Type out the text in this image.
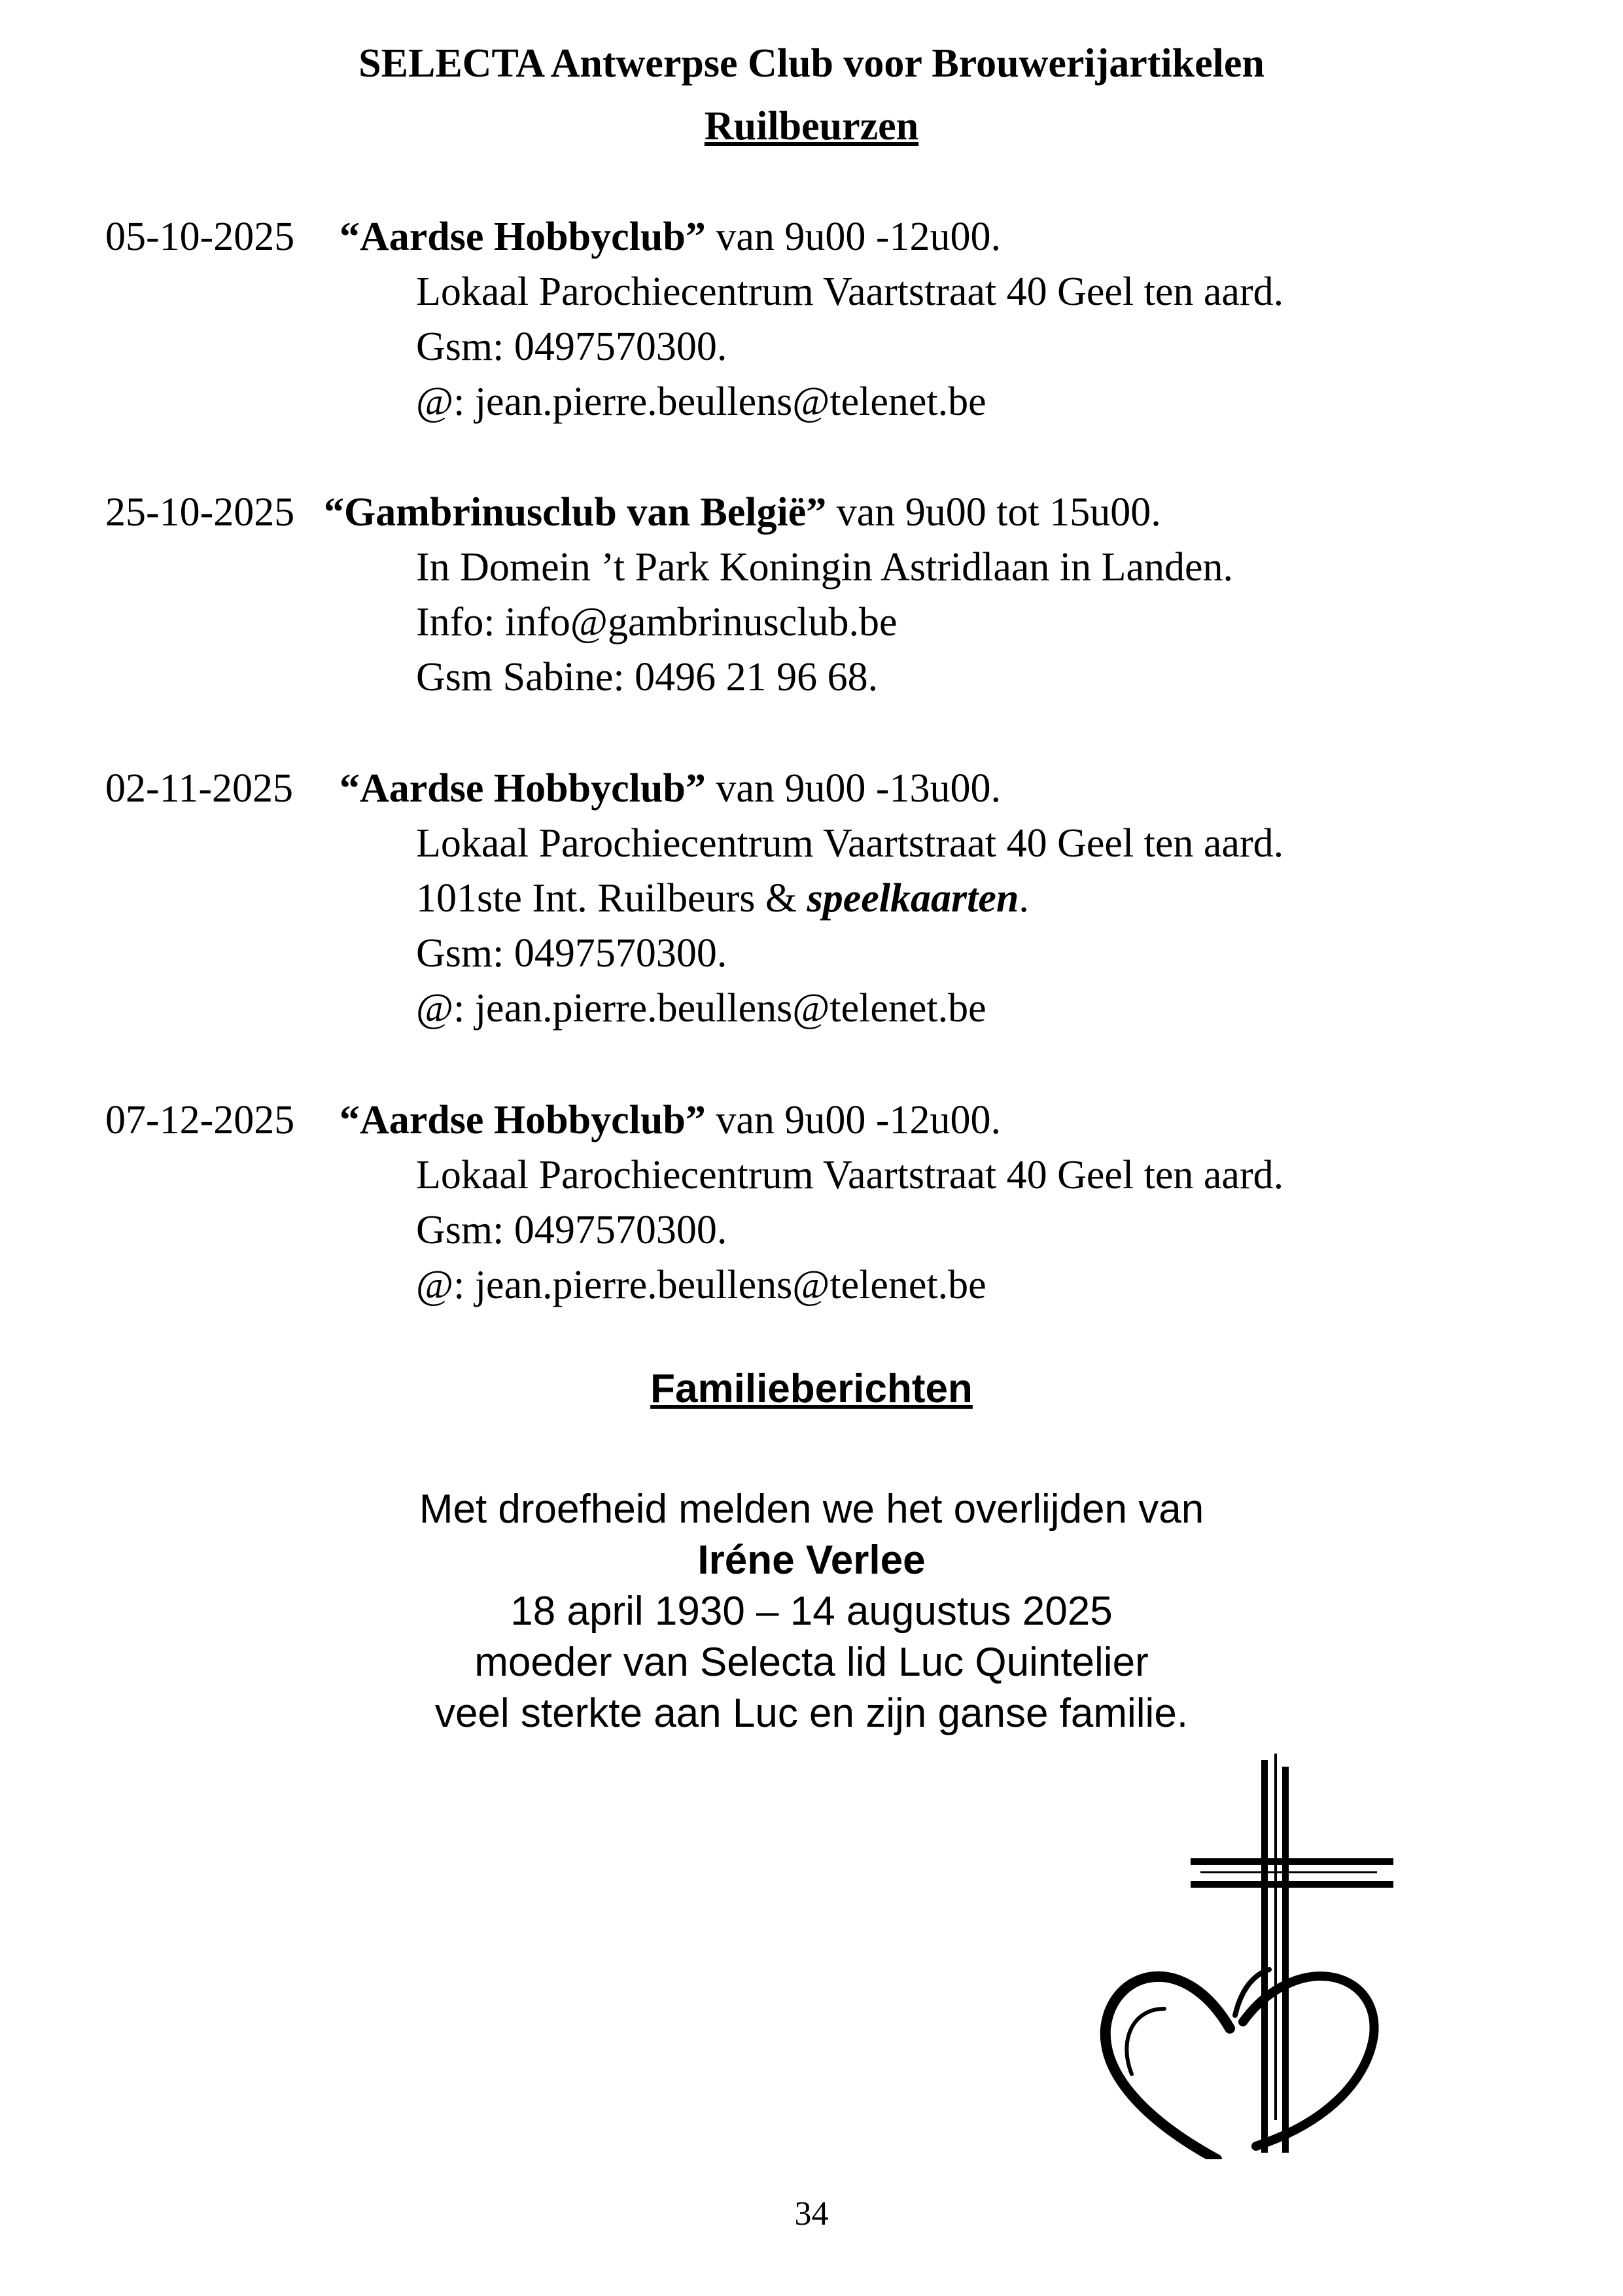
SELECTA Antwerpse Club voor Brouwerijartikelen
Ruilbeurzen
05-10-2025 “Aardse Hobbyclub” van 9u00 -12u00.
Lokaal Parochiecentrum Vaartstraat 40 Geel ten aard.
Gsm: 0497570300.
@: jean.pierre.beullens@telenet.be
25-10-2025 “Gambrinusclub van België” van 9u00 tot 15u00.
In Domein ’t Park Koningin Astridlaan in Landen.
Info: info@gambrinusclub.be
Gsm Sabine: 0496 21 96 68.
02-11-2025 “Aardse Hobbyclub” van 9u00 -13u00.
Lokaal Parochiecentrum Vaartstraat 40 Geel ten aard.
101ste Int. Ruilbeurs & speelkaarten.
Gsm: 0497570300.
@: jean.pierre.beullens@telenet.be
07-12-2025 “Aardse Hobbyclub” van 9u00 -12u00.
Lokaal Parochiecentrum Vaartstraat 40 Geel ten aard.
Gsm: 0497570300.
@: jean.pierre.beullens@telenet.be
Familieberichten
Met droefheid melden we het overlijden van
Iréne Verlee
18 april 1930 – 14 augustus 2025
moeder van Selecta lid Luc Quintelier
veel sterkte aan Luc en zijn ganse familie.
34
